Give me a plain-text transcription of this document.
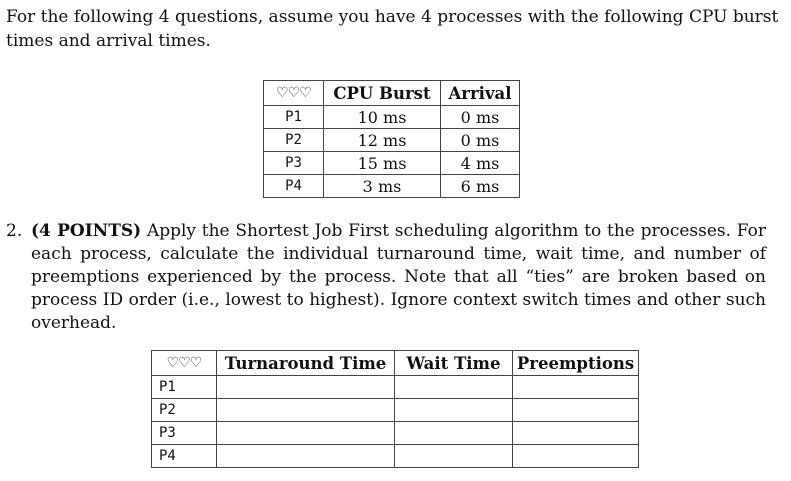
For the following 4 questions, assume you have 4 processes with the following CPU burst times and arrival times.
♡♡♡	CPU Burst	Arrival
P1	10 ms	0 ms
P2	12 ms	0 ms
P3	15 ms	4 ms
P4	3 ms	6 ms
2. (4 POINTS) Apply the Shortest Job First scheduling algorithm to the processes. For each process, calculate the individual turnaround time, wait time, and number of preemptions experienced by the process. Note that all “ties” are broken based on process ID order (i.e., lowest to highest). Ignore context switch times and other such overhead.
♡♡♡	Turnaround Time	Wait Time	Preemptions
P1			
P2			
P3			
P4			
